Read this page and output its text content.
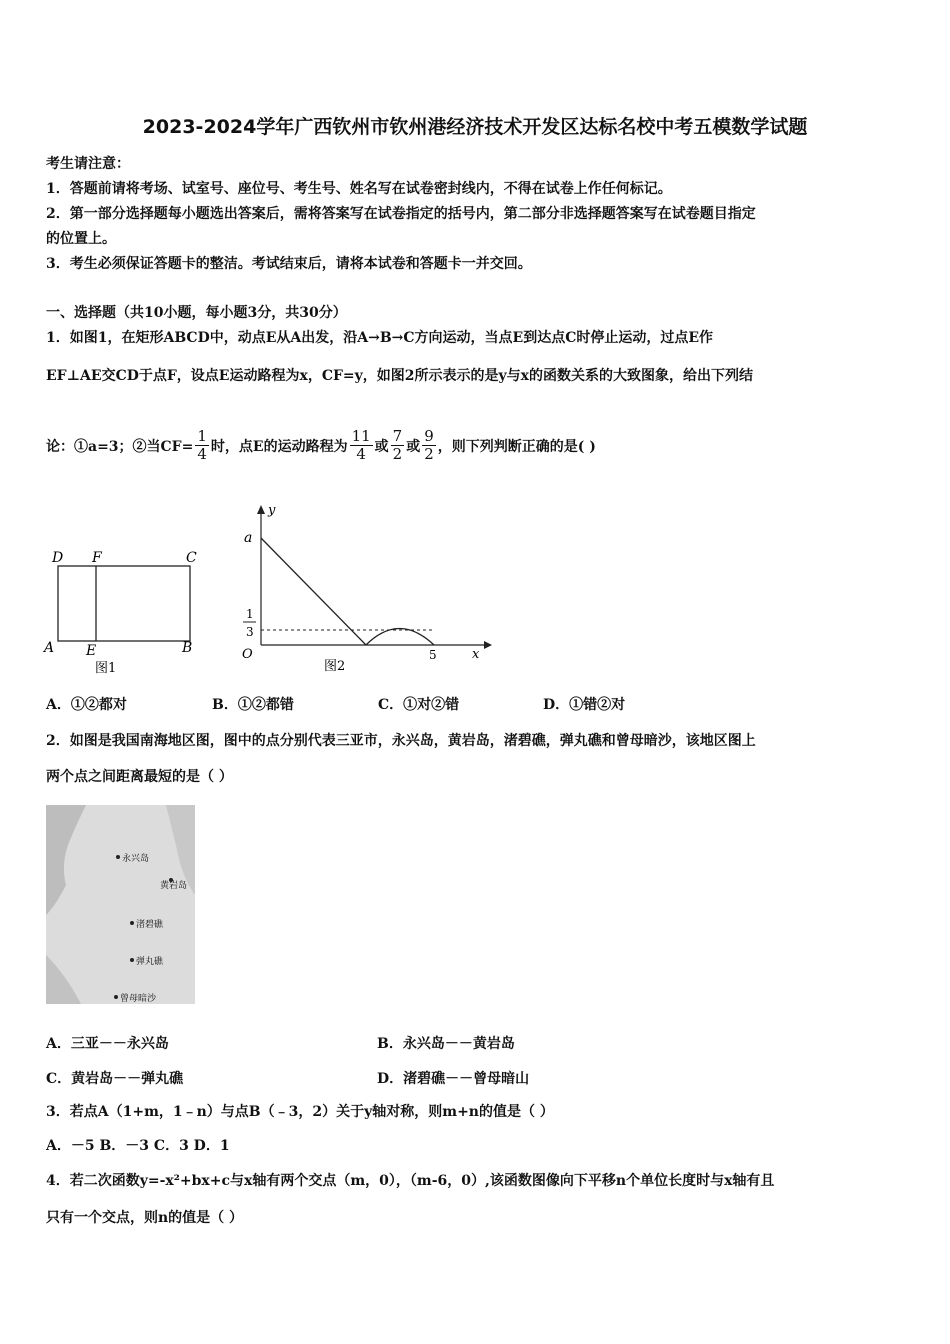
2023-2024学年广西钦州市钦州港经济技术开发区达标名校中考五模数学试题
考生请注意：
1．答题前请将考场、试室号、座位号、考生号、姓名写在试卷密封线内，不得在试卷上作任何标记。
2．第一部分选择题每小题选出答案后，需将答案写在试卷指定的括号内，第二部分非选择题答案写在试卷题目指定
的位置上。
3．考生必须保证答题卡的整洁。考试结束后，请将本试卷和答题卡一并交回。
一、选择题（共10小题，每小题3分，共30分）
1．如图1，在矩形ABCD中，动点E从A出发，沿A→B→C方向运动，当点E到达点C时停止运动，过点E作
EF⊥AE交CD于点F，设点E运动路程为x，CF=y，如图2所示表示的是y与x的函数关系的大致图象，给出下列结
论：①a=3；②当$CF= \frac{1}{4}$ 时，点E的运动路程为 $\frac{11}{4}$ 或 $\frac{7}{2}$ 或 $\frac{9}{2}$ ，则下列判断正确的是( )
D F	C
A E	B
图1
y
x
a
O
1
3
5
图2
A．①②都对	B．①②都错	C．①对②错	D．①错②对
2．如图是我国南海地区图，图中的点分别代表三亚市，永兴岛，黄岩岛，渚碧礁，弹丸礁和曾母暗沙，该地区图上
两个点之间距离最短的是（ ）
永兴岛
黄岩岛
渚碧礁
弹丸礁
曾母暗沙
A．三亚－－永兴岛	B．永兴岛－－黄岩岛
C．黄岩岛－－弹丸礁	D．渚碧礁－－曾母暗山
3．若点A（1+m，1﹣n）与点B（﹣3，2）关于y轴对称，则m+n的值是（ ）
A．－5 B．－3 C．3 D．1
4．若二次函数y=-x²+bx+c与x轴有两个交点（m，0），（m-6，0）,该函数图像向下平移n个单位长度时与x轴有且
只有一个交点，则n的值是（ ）
